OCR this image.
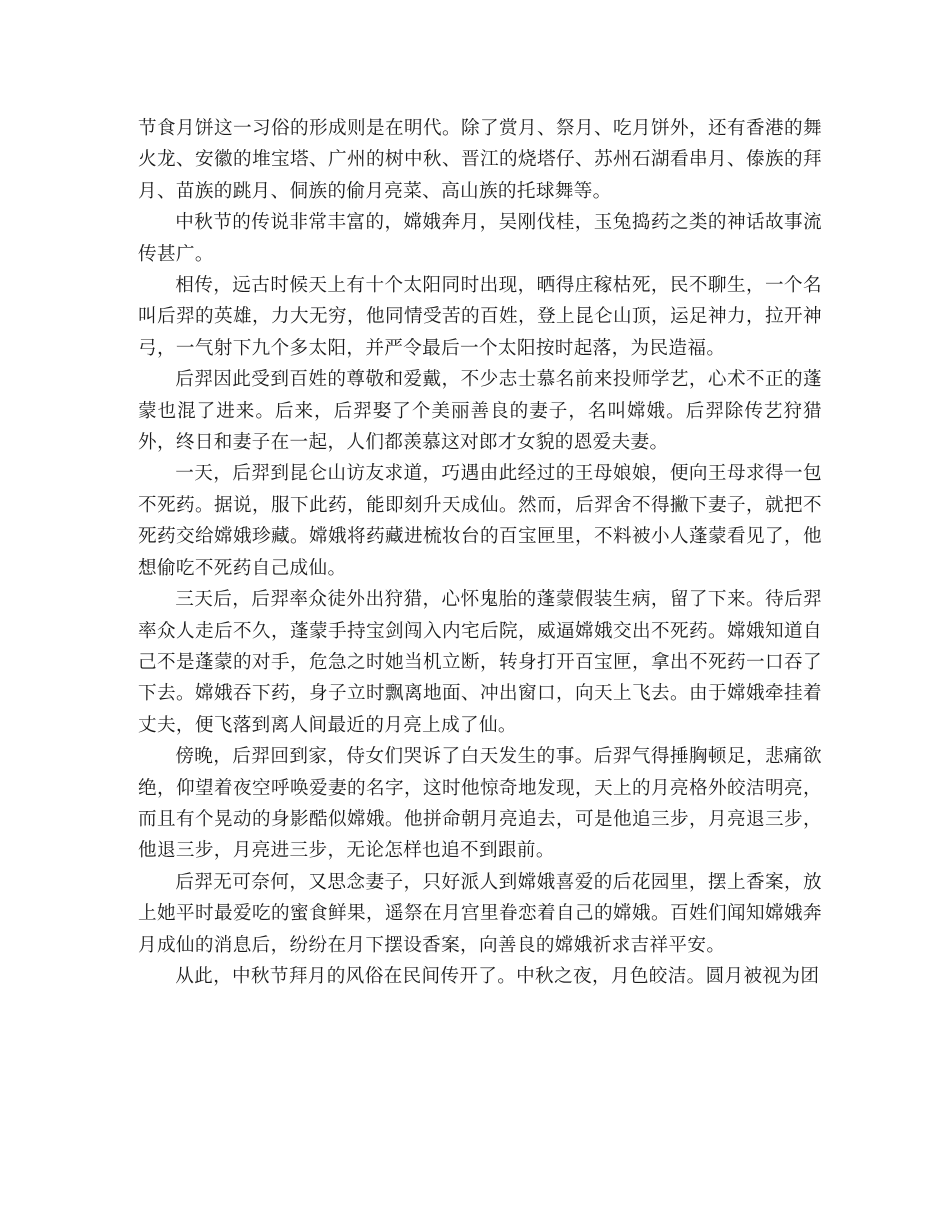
节食月饼这一习俗的形成则是在明代。除了赏月、祭月、吃月饼外，还有香港的舞火龙、安徽的堆宝塔、广州的树中秋、晋江的烧塔仔、苏州石湖看串月、傣族的拜月、苗族的跳月、侗族的偷月亮菜、高山族的托球舞等。

中秋节的传说非常丰富的，嫦娥奔月，吴刚伐桂，玉兔捣药之类的神话故事流传甚广。

相传，远古时候天上有十个太阳同时出现，晒得庄稼枯死，民不聊生，一个名叫后羿的英雄，力大无穷，他同情受苦的百姓，登上昆仑山顶，运足神力，拉开神弓，一气射下九个多太阳，并严令最后一个太阳按时起落，为民造福。

后羿因此受到百姓的尊敬和爱戴，不少志士慕名前来投师学艺，心术不正的蓬蒙也混了进来。后来，后羿娶了个美丽善良的妻子，名叫嫦娥。后羿除传艺狩猎外，终日和妻子在一起，人们都羡慕这对郎才女貌的恩爱夫妻。

一天，后羿到昆仑山访友求道，巧遇由此经过的王母娘娘，便向王母求得一包不死药。据说，服下此药，能即刻升天成仙。然而，后羿舍不得撇下妻子，就把不死药交给嫦娥珍藏。嫦娥将药藏进梳妆台的百宝匣里，不料被小人蓬蒙看见了，他想偷吃不死药自己成仙。

三天后，后羿率众徒外出狩猎，心怀鬼胎的蓬蒙假装生病，留了下来。待后羿率众人走后不久，蓬蒙手持宝剑闯入内宅后院，威逼嫦娥交出不死药。嫦娥知道自己不是蓬蒙的对手，危急之时她当机立断，转身打开百宝匣，拿出不死药一口吞了下去。嫦娥吞下药，身子立时飘离地面、冲出窗口，向天上飞去。由于嫦娥牵挂着丈夫，便飞落到离人间最近的月亮上成了仙。

傍晚，后羿回到家，侍女们哭诉了白天发生的事。后羿气得捶胸顿足，悲痛欲绝，仰望着夜空呼唤爱妻的名字，这时他惊奇地发现，天上的月亮格外皎洁明亮，而且有个晃动的身影酷似嫦娥。他拼命朝月亮追去，可是他追三步，月亮退三步，他退三步，月亮进三步，无论怎样也追不到跟前。

后羿无可奈何，又思念妻子，只好派人到嫦娥喜爱的后花园里，摆上香案，放上她平时最爱吃的蜜食鲜果，遥祭在月宫里眷恋着自己的嫦娥。百姓们闻知嫦娥奔月成仙的消息后，纷纷在月下摆设香案，向善良的嫦娥祈求吉祥平安。

从此，中秋节拜月的风俗在民间传开了。中秋之夜，月色皎洁。圆月被视为团
